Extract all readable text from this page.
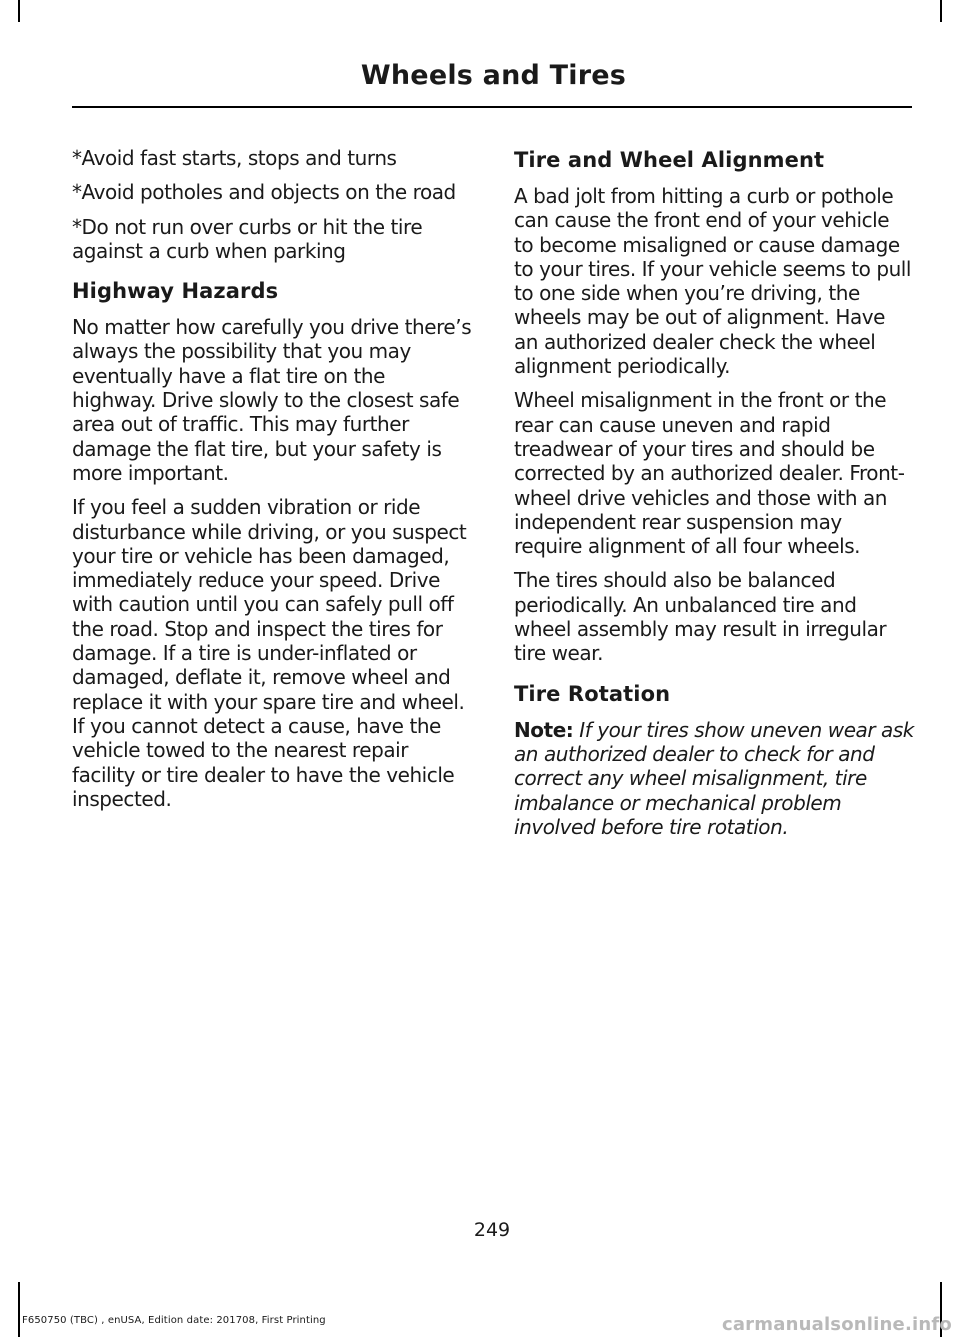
Wheels and Tires

*Avoid fast starts, stops and turns

*Avoid potholes and objects on the road

*Do not run over curbs or hit the tire against a curb when parking

Highway Hazards

No matter how carefully you drive there’s always the possibility that you may eventually have a flat tire on the highway. Drive slowly to the closest safe area out of traffic. This may further damage the flat tire, but your safety is more important.

If you feel a sudden vibration or ride disturbance while driving, or you suspect your tire or vehicle has been damaged, immediately reduce your speed. Drive with caution until you can safely pull off the road. Stop and inspect the tires for damage. If a tire is under-inflated or damaged, deflate it, remove wheel and replace it with your spare tire and wheel. If you cannot detect a cause, have the vehicle towed to the nearest repair facility or tire dealer to have the vehicle inspected.

Tire and Wheel Alignment

A bad jolt from hitting a curb or pothole can cause the front end of your vehicle to become misaligned or cause damage to your tires. If your vehicle seems to pull to one side when you’re driving, the wheels may be out of alignment. Have an authorized dealer check the wheel alignment periodically.

Wheel misalignment in the front or the rear can cause uneven and rapid treadwear of your tires and should be corrected by an authorized dealer. Front-wheel drive vehicles and those with an independent rear suspension may require alignment of all four wheels.

The tires should also be balanced periodically. An unbalanced tire and wheel assembly may result in irregular tire wear.

Tire Rotation

Note: If your tires show uneven wear ask an authorized dealer to check for and correct any wheel misalignment, tire imbalance or mechanical problem involved before tire rotation.

249

F650750 (TBC) , enUSA, Edition date: 201708, First Printing	carmanualsonline.info
